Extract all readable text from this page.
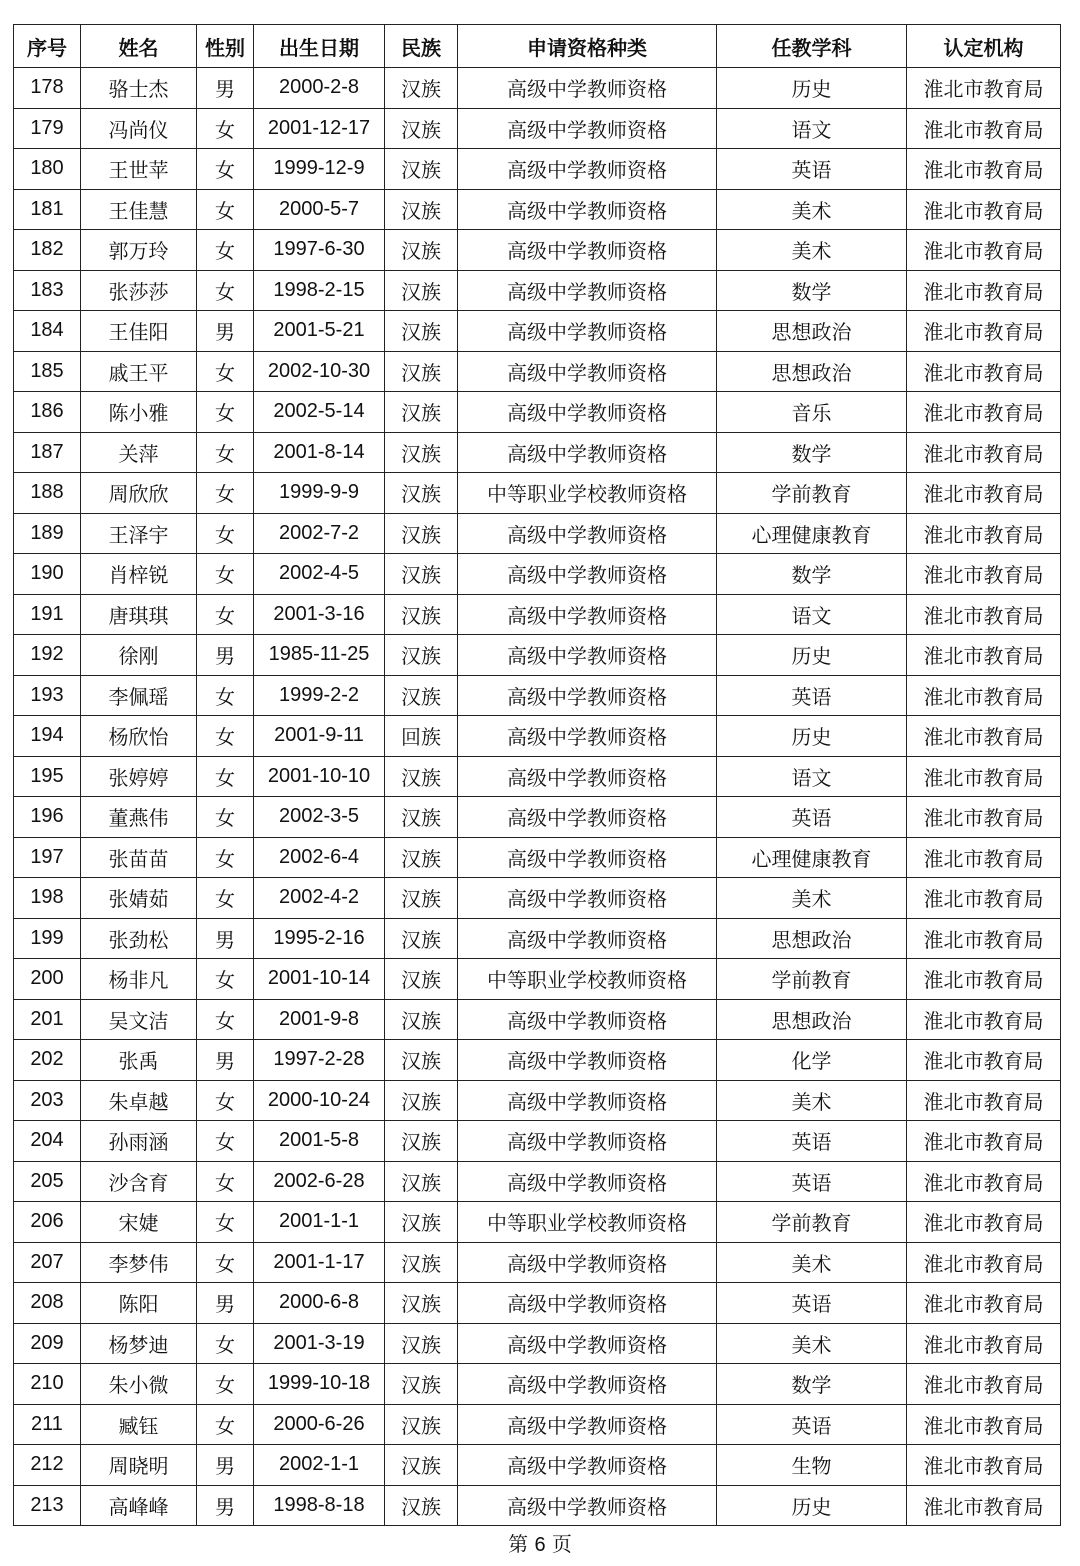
序号	姓名	性别	出生日期	民族	申请资格种类	任教学科	认定机构
178	骆士杰	男	2000-2-8	汉族	高级中学教师资格	历史	淮北市教育局
179	冯尚仪	女	2001-12-17	汉族	高级中学教师资格	语文	淮北市教育局
180	王世苹	女	1999-12-9	汉族	高级中学教师资格	英语	淮北市教育局
181	王佳慧	女	2000-5-7	汉族	高级中学教师资格	美术	淮北市教育局
182	郭万玲	女	1997-6-30	汉族	高级中学教师资格	美术	淮北市教育局
183	张莎莎	女	1998-2-15	汉族	高级中学教师资格	数学	淮北市教育局
184	王佳阳	男	2001-5-21	汉族	高级中学教师资格	思想政治	淮北市教育局
185	戚王平	女	2002-10-30	汉族	高级中学教师资格	思想政治	淮北市教育局
186	陈小雅	女	2002-5-14	汉族	高级中学教师资格	音乐	淮北市教育局
187	关萍	女	2001-8-14	汉族	高级中学教师资格	数学	淮北市教育局
188	周欣欣	女	1999-9-9	汉族	中等职业学校教师资格	学前教育	淮北市教育局
189	王泽宇	女	2002-7-2	汉族	高级中学教师资格	心理健康教育	淮北市教育局
190	肖梓锐	女	2002-4-5	汉族	高级中学教师资格	数学	淮北市教育局
191	唐琪琪	女	2001-3-16	汉族	高级中学教师资格	语文	淮北市教育局
192	徐刚	男	1985-11-25	汉族	高级中学教师资格	历史	淮北市教育局
193	李佩瑶	女	1999-2-2	汉族	高级中学教师资格	英语	淮北市教育局
194	杨欣怡	女	2001-9-11	回族	高级中学教师资格	历史	淮北市教育局
195	张婷婷	女	2001-10-10	汉族	高级中学教师资格	语文	淮北市教育局
196	董燕伟	女	2002-3-5	汉族	高级中学教师资格	英语	淮北市教育局
197	张苗苗	女	2002-6-4	汉族	高级中学教师资格	心理健康教育	淮北市教育局
198	张婧茹	女	2002-4-2	汉族	高级中学教师资格	美术	淮北市教育局
199	张劲松	男	1995-2-16	汉族	高级中学教师资格	思想政治	淮北市教育局
200	杨非凡	女	2001-10-14	汉族	中等职业学校教师资格	学前教育	淮北市教育局
201	吴文洁	女	2001-9-8	汉族	高级中学教师资格	思想政治	淮北市教育局
202	张禹	男	1997-2-28	汉族	高级中学教师资格	化学	淮北市教育局
203	朱卓越	女	2000-10-24	汉族	高级中学教师资格	美术	淮北市教育局
204	孙雨涵	女	2001-5-8	汉族	高级中学教师资格	英语	淮北市教育局
205	沙含育	女	2002-6-28	汉族	高级中学教师资格	英语	淮北市教育局
206	宋婕	女	2001-1-1	汉族	中等职业学校教师资格	学前教育	淮北市教育局
207	李梦伟	女	2001-1-17	汉族	高级中学教师资格	美术	淮北市教育局
208	陈阳	男	2000-6-8	汉族	高级中学教师资格	英语	淮北市教育局
209	杨梦迪	女	2001-3-19	汉族	高级中学教师资格	美术	淮北市教育局
210	朱小微	女	1999-10-18	汉族	高级中学教师资格	数学	淮北市教育局
211	臧钰	女	2000-6-26	汉族	高级中学教师资格	英语	淮北市教育局
212	周晓明	男	2002-1-1	汉族	高级中学教师资格	生物	淮北市教育局
213	高峰峰	男	1998-8-18	汉族	高级中学教师资格	历史	淮北市教育局
第 6 页
